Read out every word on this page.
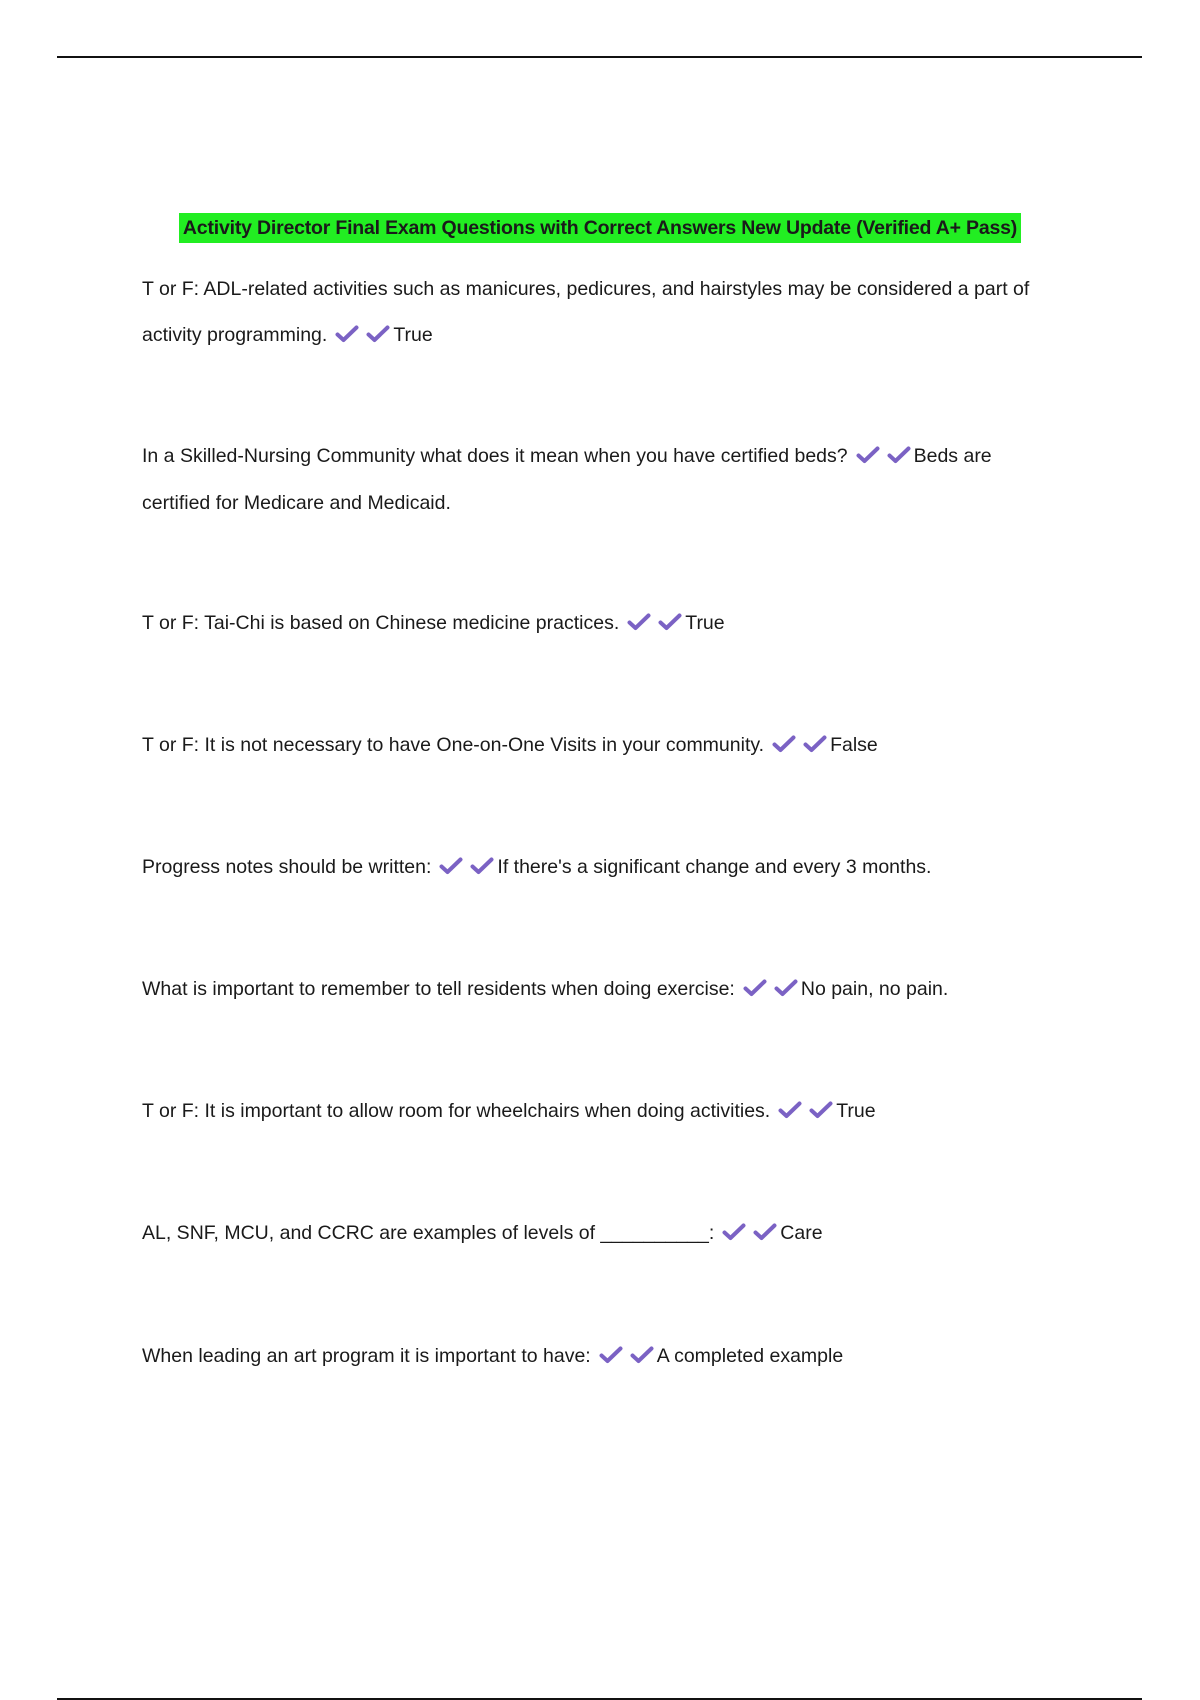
Activity Director Final Exam Questions with Correct Answers New Update (Verified A+ Pass)

T or F: ADL-related activities such as manicures, pedicures, and hairstyles may be considered a part of activity programming.	True

In a Skilled-Nursing Community what does it mean when you have certified beds?	Beds are certified for Medicare and Medicaid.

T or F: Tai-Chi is based on Chinese medicine practices.	True

T or F: It is not necessary to have One-on-One Visits in your community.	False

Progress notes should be written:	If there's a significant change and every 3 months.

What is important to remember to tell residents when doing exercise:	No pain, no pain.

T or F: It is important to allow room for wheelchairs when doing activities.	True

AL, SNF, MCU, and CCRC are examples of levels of __________:	Care

When leading an art program it is important to have:	A completed example
